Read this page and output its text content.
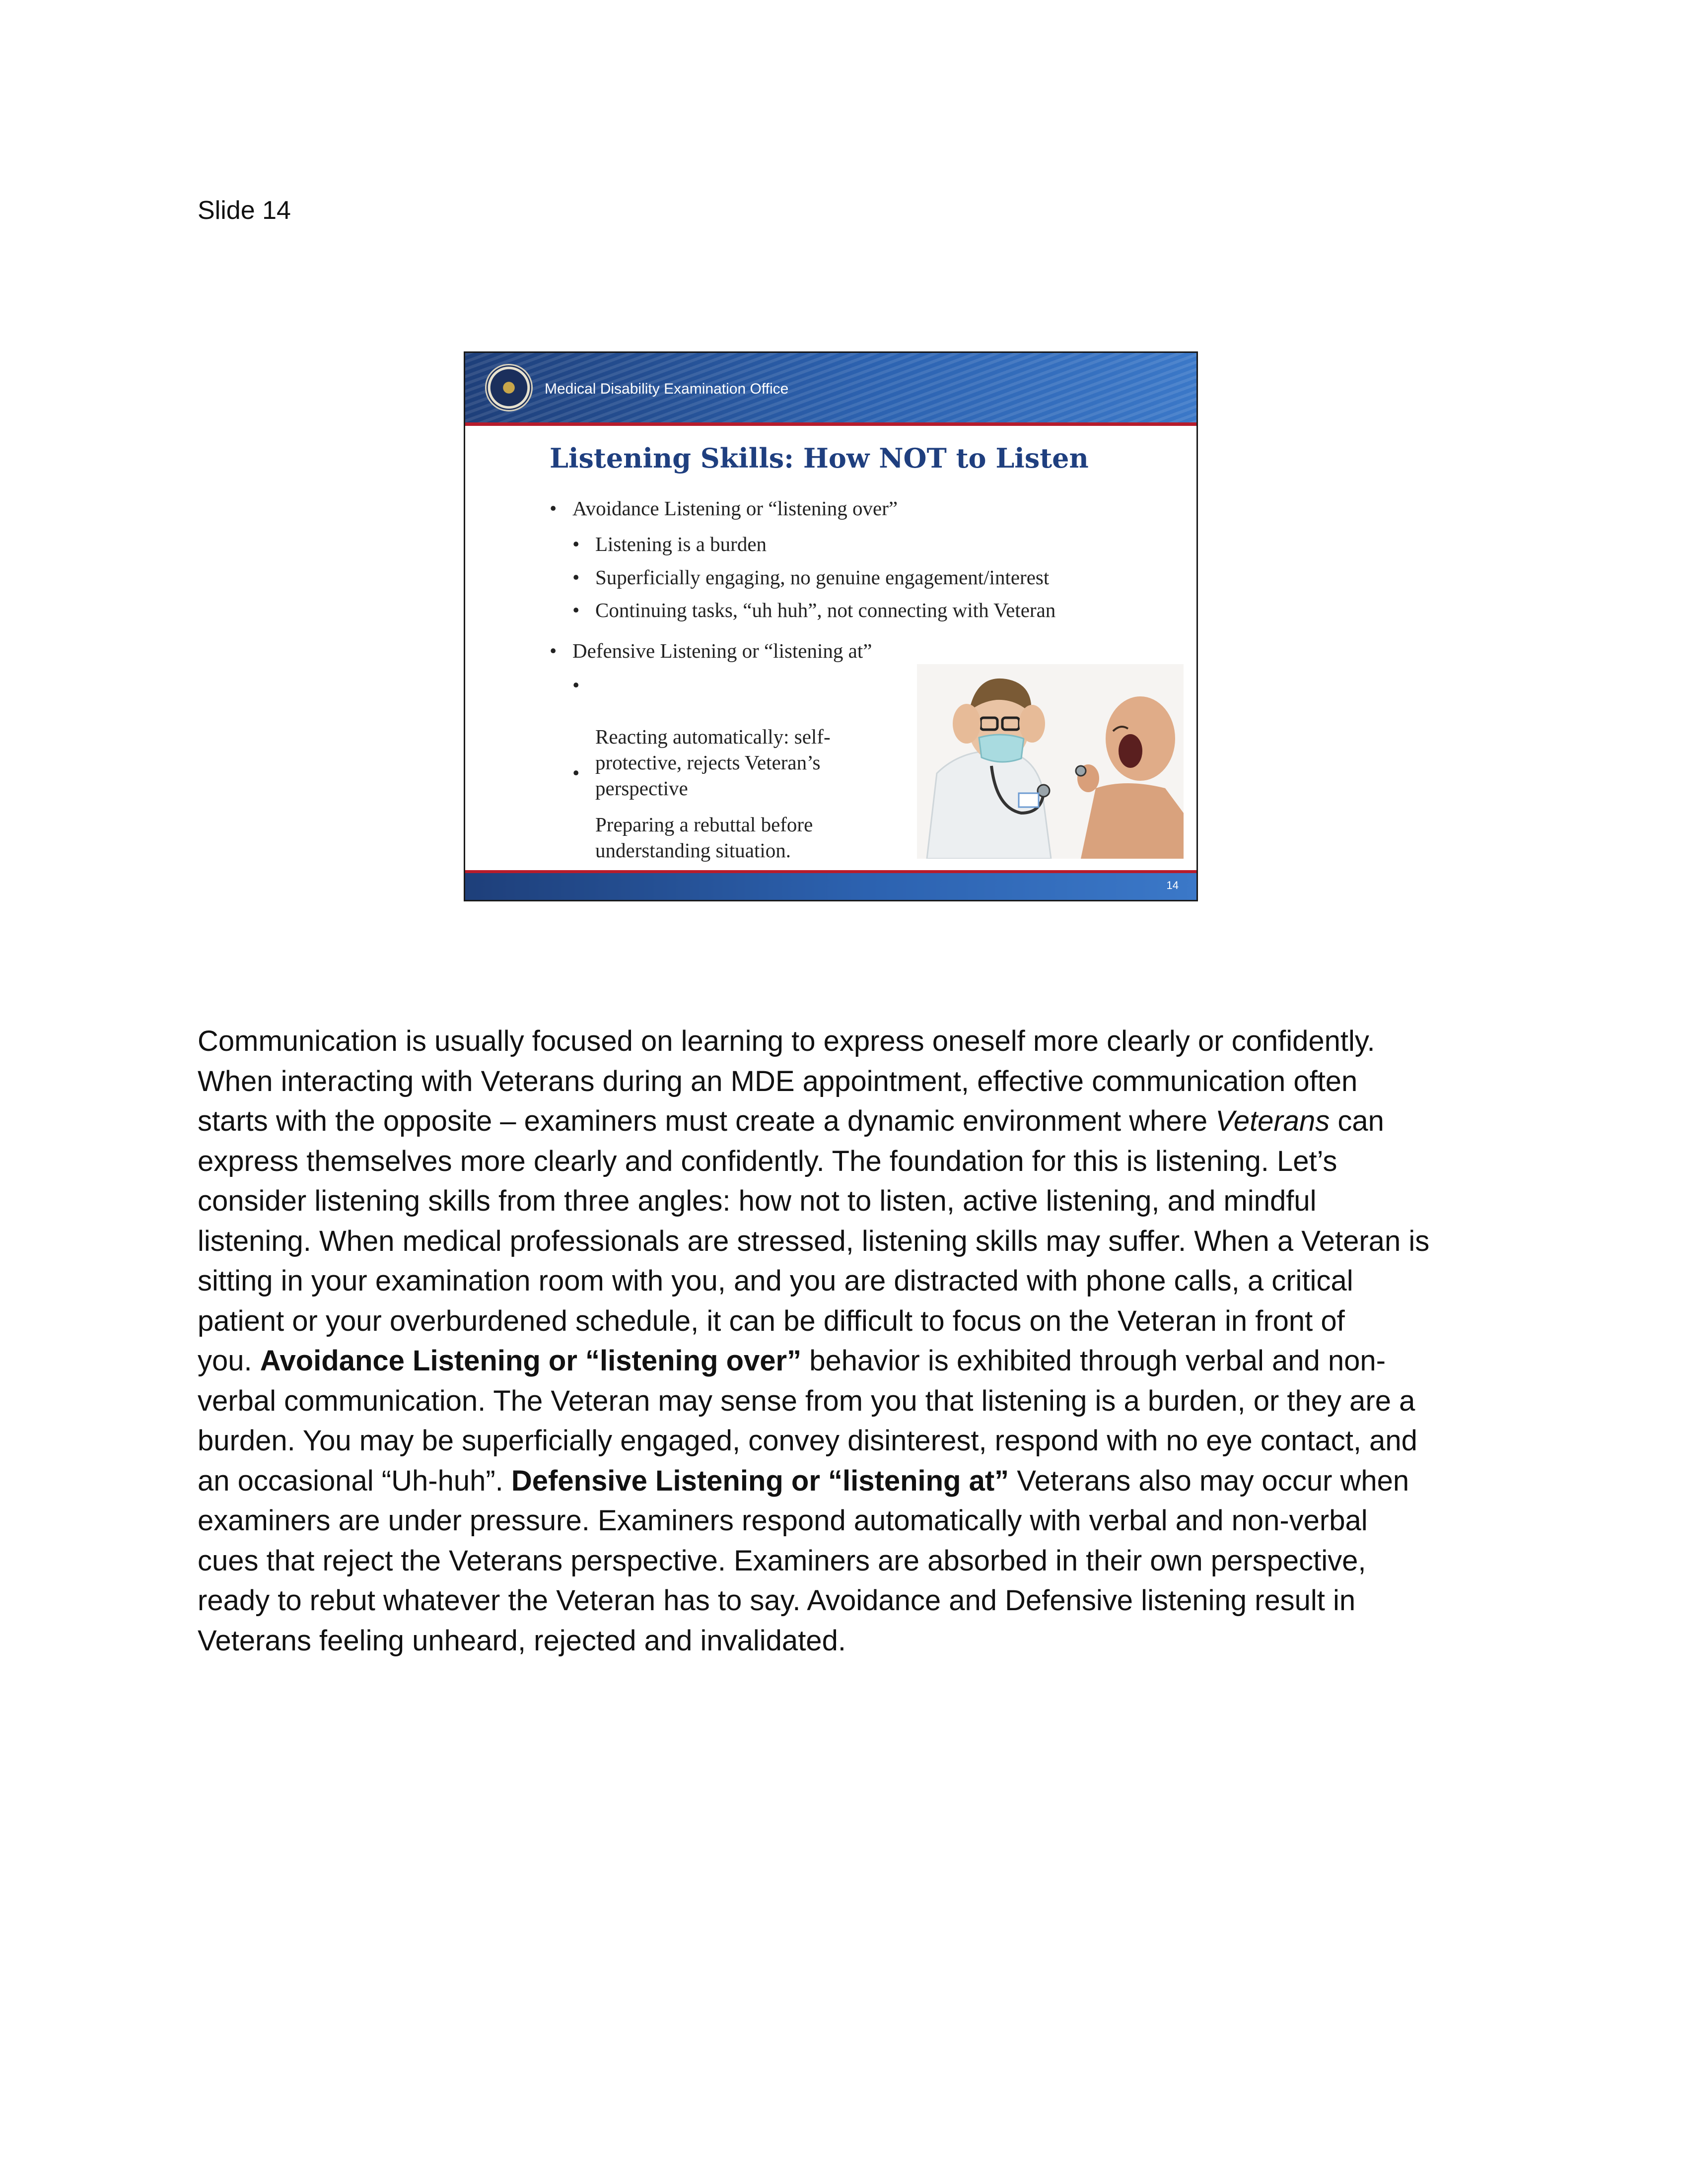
Slide 14
Medical Disability Examination Office
Listening Skills: How NOT to Listen
• Avoidance Listening or “listening over”
• Listening is a burden
• Superficially engaging, no genuine engagement/interest
• Continuing tasks, “uh huh”, not connecting with Veteran
• Defensive Listening or “listening at”

•

Reacting automatically: self-
protective, rejects Veteran’s
perspective

•

Preparing a rebuttal before
understanding situation.

14
Communication is usually focused on learning to express oneself more clearly or confidently.
When interacting with Veterans during an MDE appointment, effective communication often
starts with the opposite – examiners must create a dynamic environment where Veterans can
express themselves more clearly and confidently. The foundation for this is listening. Let’s
consider listening skills from three angles: how not to listen, active listening, and mindful
listening. When medical professionals are stressed, listening skills may suffer. When a Veteran is
sitting in your examination room with you, and you are distracted with phone calls, a critical
patient or your overburdened schedule, it can be difficult to focus on the Veteran in front of
you. Avoidance Listening or “listening over” behavior is exhibited through verbal and non-
verbal communication. The Veteran may sense from you that listening is a burden, or they are a
burden. You may be superficially engaged, convey disinterest, respond with no eye contact, and
an occasional “Uh-huh”. Defensive Listening or “listening at” Veterans also may occur when
examiners are under pressure. Examiners respond automatically with verbal and non-verbal
cues that reject the Veterans perspective. Examiners are absorbed in their own perspective,
ready to rebut whatever the Veteran has to say. Avoidance and Defensive listening result in
Veterans feeling unheard, rejected and invalidated.
